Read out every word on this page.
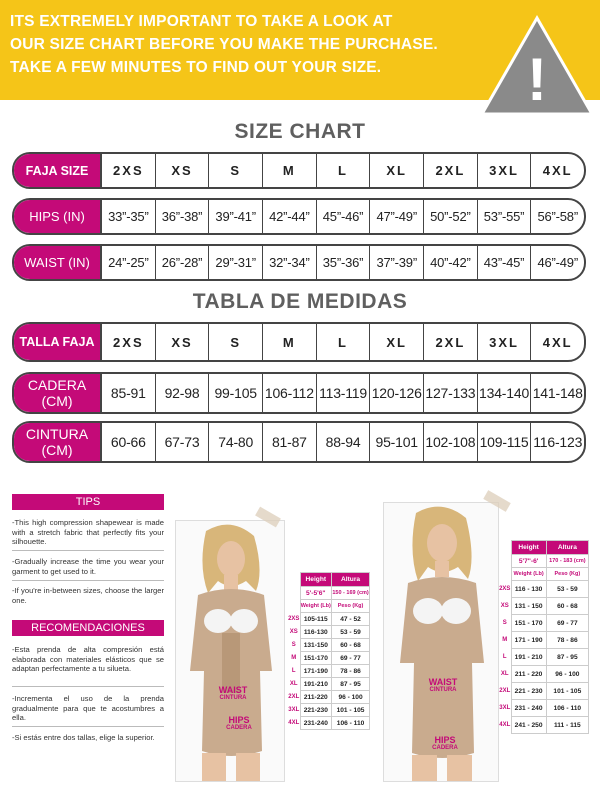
ITS EXTREMELY IMPORTANT TO TAKE A LOOK AT
OUR SIZE CHART BEFORE YOU MAKE THE PURCHASE.
TAKE A FEW MINUTES TO FIND OUT YOUR SIZE.	!
SIZE CHART
FAJA SIZE	2XS	XS	S	M	L	XL	2XL	3XL	4XL
HIPS (IN)	33”-35”	36”-38”	39”-41”	42”-44”	45”-46”	47”-49”	50”-52”	53”-55”	56”-58”
WAIST (IN)	24”-25”	26”-28”	29”-31”	32”-34”	35”-36”	37”-39”	40”-42”	43”-45”	46”-49”
TABLA DE MEDIDAS
TALLA FAJA	2XS	XS	S	M	L	XL	2XL	3XL	4XL
CADERA (CM)	85-91	92-98	99-105 106-112 113-119 120-126 127-133 134-140 141-148
CINTURA (CM)	60-66	67-73	74-80	81-87	88-94	95-101 102-108 109-115 116-123
TIPS
-This high compression shapewear is made with a stretch fabric that perfectly fits your silhouette.
-Gradually increase the time you wear your garment to get used to it.
-If you're in-between sizes, choose the larger one.
RECOMENDACIONES
-Esta prenda de alta compresión está elaborada con materiales elásticos que se adaptan perfectamente a tu silueta.
-Incrementa el uso de la prenda gradualmente para que te acostumbres a ella.
-Si estás entre dos tallas, elige la superior.
WAIST
CINTURA
HIPS
CADERA
	Height	Altura
	5'-5'6"	150 - 169 (cm)
	Weight (Lb)	Peso (Kg)
2XS	105-115	47 - 52
XS	116-130	53 - 59
S	131-150	60 - 68
M	151-170	69 - 77
L	171-190	78 - 86
XL	191-210	87 - 95
2XL	211-220	96 - 100
3XL	221-230	101 - 105
4XL	231-240	106 - 110
WAIST
CINTURA
HIPS
CADERA
	Height	Altura
	5'7"-6'	170 - 183 (cm)
	Weight (Lb)	Peso (Kg)
2XS	116 - 130	53 - 59
XS	131 - 150	60 - 68
S	151 - 170	69 - 77
M	171 - 190	78 - 86
L	191 - 210	87 - 95
XL	211 - 220	96 - 100
2XL	221 - 230	101 - 105
3XL	231 - 240	106 - 110
4XL	241 - 250	111 - 115
